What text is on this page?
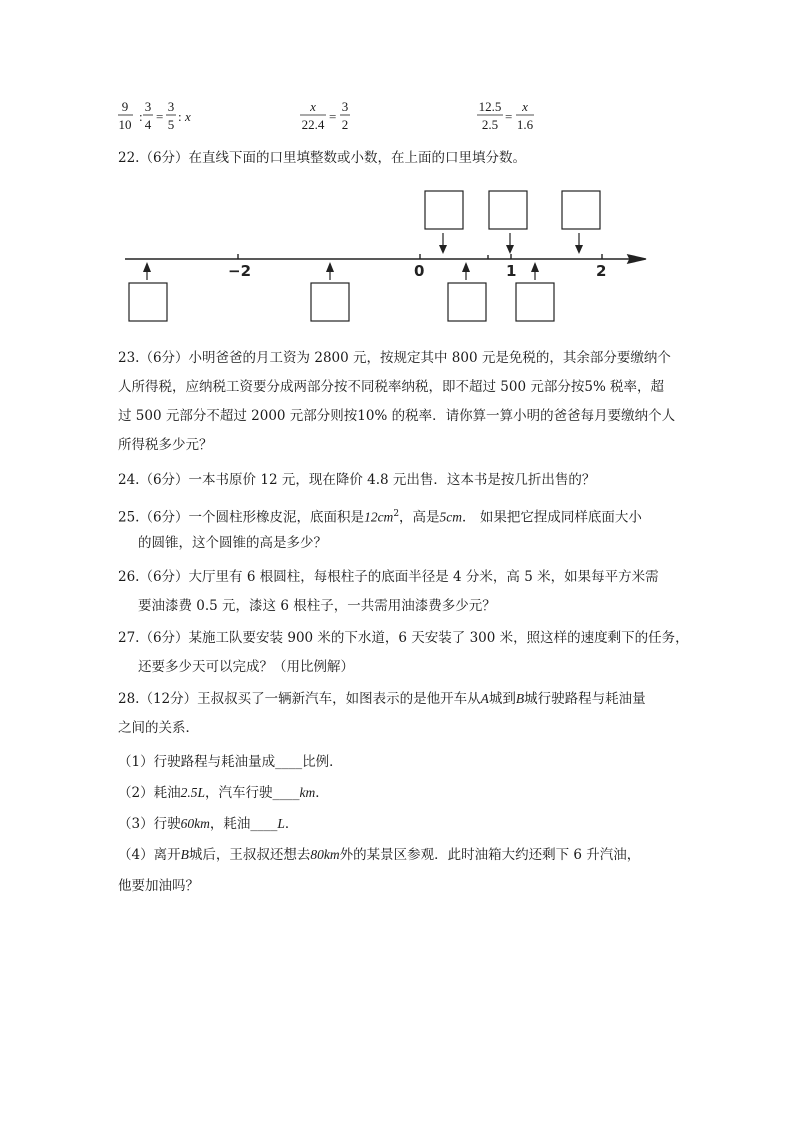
9
10
:
3
4
=
3
5
: x
x
22.4
=
3
2
12.5
2.5
=
x
1.6
22.（6分）在直线下面的口里填整数或小数，在上面的口里填分数。
−2	0	1	2
23.（6分）小明爸爸的月工资为 2800 元，按规定其中 800 元是免税的，其余部分要缴纳个
人所得税，应纳税工资要分成两部分按不同税率纳税，即不超过 500 元部分按5% 税率，超
过 500 元部分不超过 2000 元部分则按10% 的税率．请你算一算小明的爸爸每月要缴纳个人
所得税多少元？
24.（6分）一本书原价 12 元，现在降价 4.8 元出售．这本书是按几折出售的？
25.（6分）一个圆柱形橡皮泥，底面积是$12cm^2$，高是5cm． 如果把它捏成同样底面大小
的圆锥，这个圆锥的高是多少？
26.（6分）大厅里有 6 根圆柱，每根柱子的底面半径是 4 分米，高 5 米，如果每平方米需
要油漆费 0.5 元，漆这 6 根柱子，一共需用油漆费多少元？
27.（6分）某施工队要安装 900 米的下水道，6 天安装了 300 米，照这样的速度剩下的任务，
还要多少天可以完成？（用比例解）
28.（12分）王叔叔买了一辆新汽车，如图表示的是他开车从A城到B城行驶路程与耗油量
之间的关系．
（1）行驶路程与耗油量成____比例．
（2）耗油2.5L，汽车行驶____km．
（3）行驶60km，耗油____L．
（4）离开B城后，王叔叔还想去80km外的某景区参观．此时油箱大约还剩下 6 升汽油，
他要加油吗？
